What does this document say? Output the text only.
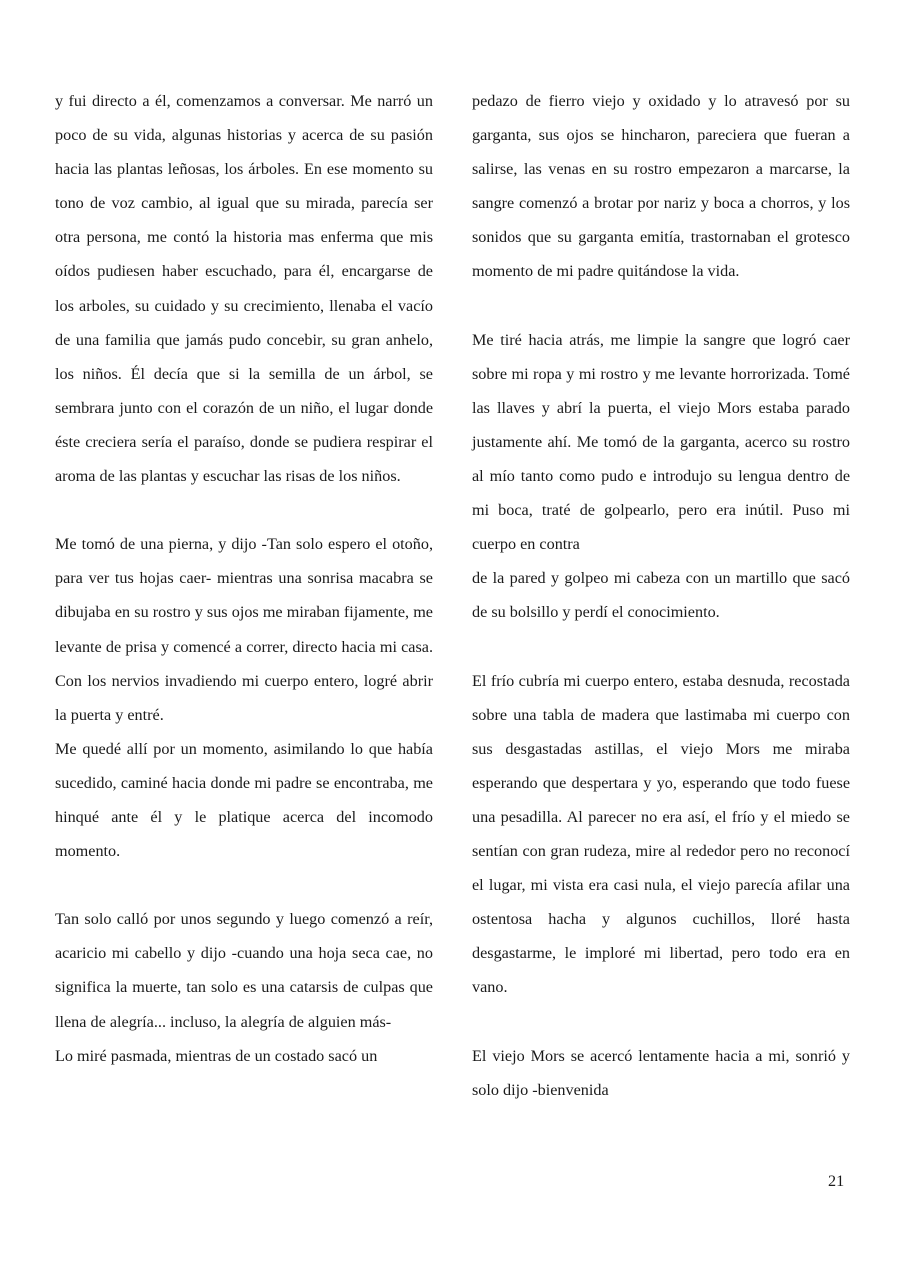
y fui directo a él, comenzamos a conversar. Me narró un poco de su vida, algunas historias y acerca de su pasión hacia las plantas leñosas, los árboles. En ese momento su tono de voz cambio, al igual que su mirada, parecía ser otra persona, me contó la historia mas enferma que mis oídos pudiesen haber escuchado, para él, encargarse de los arboles, su cuidado y su crecimiento, llenaba el vacío de una familia que jamás pudo concebir, su gran anhelo, los niños. Él decía que si la semilla de un árbol, se sembrara junto con el corazón de un niño, el lugar donde éste creciera sería el paraíso, donde se pudiera respirar el aroma de las plantas y escuchar las risas de los niños.

Me tomó de una pierna, y dijo -Tan solo espero el otoño, para ver tus hojas caer- mientras una sonrisa macabra se dibujaba en su rostro y sus ojos me miraban fijamente, me levante de prisa y comencé a correr, directo hacia mi casa. Con los nervios invadiendo mi cuerpo entero, logré abrir la puerta y entré.

Me quedé allí por un momento, asimilando lo que había sucedido, caminé hacia donde mi padre se encontraba, me hinqué ante él y le platique acerca del incomodo momento.

Tan solo calló por unos segundo y luego comenzó a reír, acaricio mi cabello y dijo -cuando una hoja seca cae, no significa la muerte, tan solo es una catarsis de culpas que llena de alegría... incluso, la alegría de alguien más-

Lo miré pasmada, mientras de un costado sacó un

pedazo de fierro viejo y oxidado y lo atravesó por su garganta, sus ojos se hincharon, pareciera que fueran a salirse, las venas en su rostro empezaron a marcarse, la sangre comenzó a brotar por nariz y boca a chorros, y los sonidos que su garganta emitía, trastornaban el grotesco momento de mi padre quitándose la vida.

Me tiré hacia atrás, me limpie la sangre que logró caer sobre mi ropa y mi rostro y me levante horrorizada. Tomé las llaves y abrí la puerta, el viejo Mors estaba parado justamente ahí. Me tomó de la garganta, acerco su rostro al mío tanto como pudo e introdujo su lengua dentro de mi boca, traté de golpearlo, pero era inútil. Puso mi cuerpo en contra

de la pared y golpeo mi cabeza con un martillo que sacó de su bolsillo y perdí el conocimiento.

El frío cubría mi cuerpo entero, estaba desnuda, recostada sobre una tabla de madera que lastimaba mi cuerpo con sus desgastadas astillas, el viejo Mors me miraba esperando que despertara y yo, esperando que todo fuese una pesadilla. Al parecer no era así, el frío y el miedo se sentían con gran rudeza, mire al rededor pero no reconocí el lugar, mi vista era casi nula, el viejo parecía afilar una ostentosa hacha y algunos cuchillos, lloré hasta desgastarme, le imploré mi libertad, pero todo era en vano.

El viejo Mors se acercó lentamente hacia a mi, sonrió y solo dijo -bienvenida

21
